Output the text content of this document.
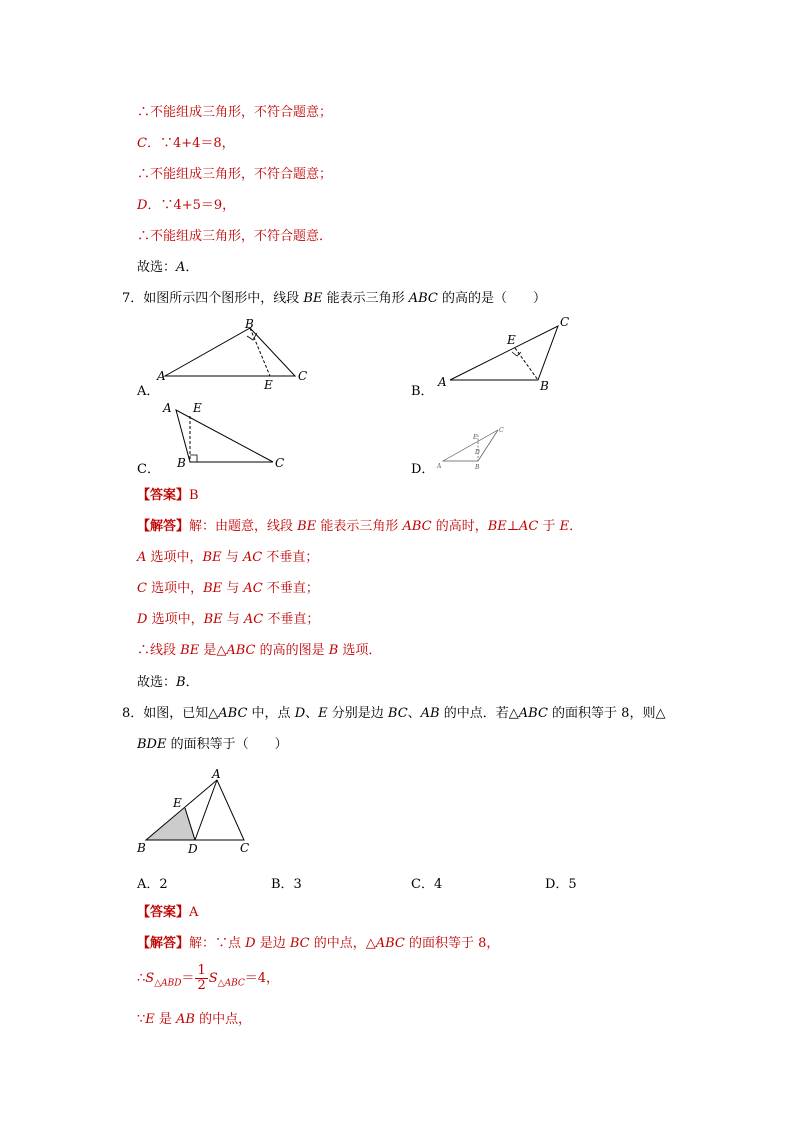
∴不能组成三角形，不符合题意；
C．∵4+4＝8，
∴不能组成三角形，不符合题意；
D．∵4+5＝9，
∴不能组成三角形，不符合题意．
故选：A．
7．如图所示四个图形中，线段 BE 能表示三角形 ABC 的高的是（　　）
A．
A
B
C
E	B．
A	B
C
E
C．
A
B	C
E
D． A	B
C
E
D
【答案】B
【解答】解：由题意，线段 BE 能表示三角形 ABC 的高时，BE⊥AC 于 E．
A 选项中，BE 与 AC 不垂直；
C 选项中，BE 与 AC 不垂直；
D 选项中，BE 与 AC 不垂直；
∴线段 BE 是△ABC 的高的图是 B 选项．
故选：B．
8．如图，已知△ABC 中，点 D、E 分别是边 BC、AB 的中点．若△ABC 的面积等于 8，则△
BDE 的面积等于（　　）
A
B	C
D
E
A．2	B．3	C．4	D．5
【答案】A
【解答】解：∵点 D 是边 BC 的中点，△ABC 的面积等于 8，
$\therefore S_{\triangle ABD}= \frac{1}{2} S_{\triangle ABC}=4$，
∵E 是 AB 的中点，
